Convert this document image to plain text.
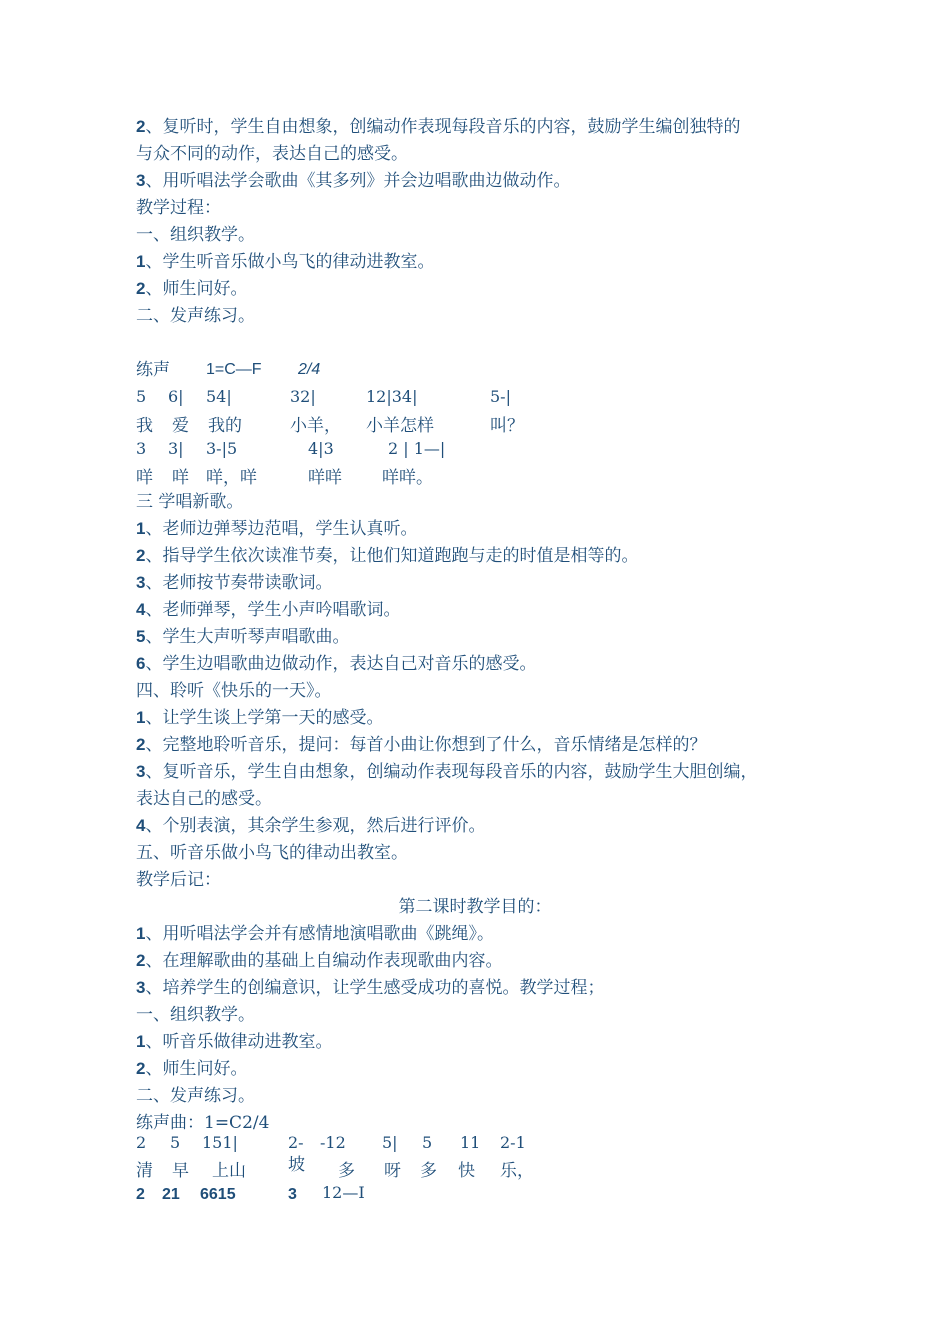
2、复听时，学生自由想象，创编动作表现每段音乐的内容，鼓励学生编创独特的
与众不同的动作，表达自己的感受。
3、用听唱法学会歌曲《其多列》并会边唱歌曲边做动作。
教学过程：
一、组织教学。
1、学生听音乐做小鸟飞的律动进教室。
2、师生问好。
二、发声练习。
练声 1=C—F 2/4
5 6| 54|	32|	12|34|	5-|
我 爱 我的	小羊， 小羊怎样	叫？
3 3| 3-|5	4|3	2 | 1—|
咩 咩 咩，咩	咩咩 咩咩。
三 学唱新歌。
1、老师边弹琴边范唱，学生认真听。
2、指导学生依次读准节奏，让他们知道跑跑与走的时值是相等的。
3、老师按节奏带读歌词。
4、老师弹琴，学生小声吟唱歌词。
5、学生大声听琴声唱歌曲。
6、学生边唱歌曲边做动作，表达自己对音乐的感受。
四、聆听《快乐的一天》。
1、让学生谈上学第一天的感受。
2、完整地聆听音乐，提问：每首小曲让你想到了什么，音乐情绪是怎样的？
3、复听音乐，学生自由想象，创编动作表现每段音乐的内容，鼓励学生大胆创编，
表达自己的感受。
4、个别表演，其余学生参观，然后进行评价。
五、听音乐做小鸟飞的律动出教室。
教学后记：
第二课时教学目的：
1、用听唱法学会并有感情地演唱歌曲《跳绳》。
2、在理解歌曲的基础上自编动作表现歌曲内容。
3、培养学生的创编意识，让学生感受成功的喜悦。教学过程；
一、组织教学。
1、听音乐做律动进教室。
2、师生问好。
二、发声练习。
练声曲：1=C2/4
2 5 151|	2- -12 5| 5 11 2-1
清 早 上山 坡 多 呀 多 快 乐，
2 21 6615	3 12—I
